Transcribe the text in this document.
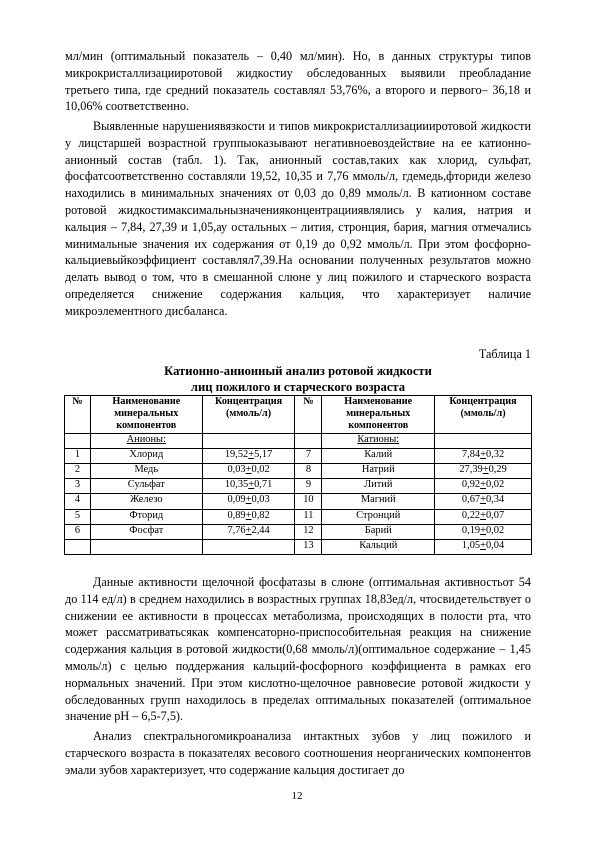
мл/мин (оптимальный показатель – 0,40 мл/мин). Но, в данных структуры типов микрокристаллизацииротовой жидкостиу обследованных выявили преобладание третьего типа, где средний показатель составлял 53,76%, а второго и первого– 36,18 и 10,06% соответственно.

Выявленные нарушениявязкости и типов микрокристаллизациииротовой жидкости у лицстаршей возрастной группыоказывают негативноевоздействие на ее катионно-анионный состав (табл. 1). Так, анионный состав,таких как хлорид, сульфат, фосфатсоответственно составляли 19,52, 10,35 и 7,76 ммоль/л, гдемедь,фториди железо находились в минимальных значениях от 0,03 до 0,89 ммоль/л. В катионном составе ротовой жидкостимаксимальнызначенияконцентрацииявлялись у калия, натрия и кальция – 7,84, 27,39 и 1,05,ау остальных – лития, стронция, бария, магния отмечались минимальные значения их содержания от 0,19 до 0,92 ммоль/л. При этом фосфорно-кальциевыйкоэффициент составлял7,39.На основании полученных результатов можно делать вывод о том, что в смешанной слюне у лиц пожилого и старческого возраста определяется снижение содержания кальция, что характеризует наличие микроэлементного дисбаланса.

Таблица 1

Катионно-анионный анализ ротовой жидкости
лиц пожилого и старческого возраста

№	Наименование минеральных компонентов	Концентрация (ммоль/л)	№	Наименование минеральных компонентов	Концентрация (ммоль/л)
	Анионы:			Катионы:	
1	Хлорид	19,52+5,17	7	Калий	7,84+0,32
2	Медь	0,03+0,02	8	Натрий	27,39+0,29
3	Сульфат	10,35+0,71	9	Литий	0,92+0,02
4	Железо	0,09+0,03	10	Магний	0,67+0,34
5	Фторид	0,89+0,82	11	Стронций	0,22+0,07
6	Фосфат	7,76+2,44	12	Барий	0,19+0,02
			13	Кальций	1,05+0,04

Данные активности щелочной фосфатазы в слюне (оптимальная активностьот 54 до 114 ед/л) в среднем находились в возрастных группах 18,83ед/л, чтосвидетельствует о снижении ее активности в процессах метаболизма, происходящих в полости рта, что может рассматриватьсякак компенсаторно-приспособительная реакция на снижение содержания кальция в ротовой жидкости(0,68 ммоль/л)(оптимальное содержание – 1,45 ммоль/л) с целью поддержания кальций-фосфорного коэффициента в рамках его нормальных значений. При этом кислотно-щелочное равновесие ротовой жидкости у обследованных групп находилось в пределах оптимальных показателей (оптимальное значение pH – 6,5-7,5).

Анализ спектральногомикроанализа интактных зубов у лиц пожилого и старческого возраста в показателях весового соотношения неорганических компонентов эмали зубов характеризует, что содержание кальция достигает до

12
